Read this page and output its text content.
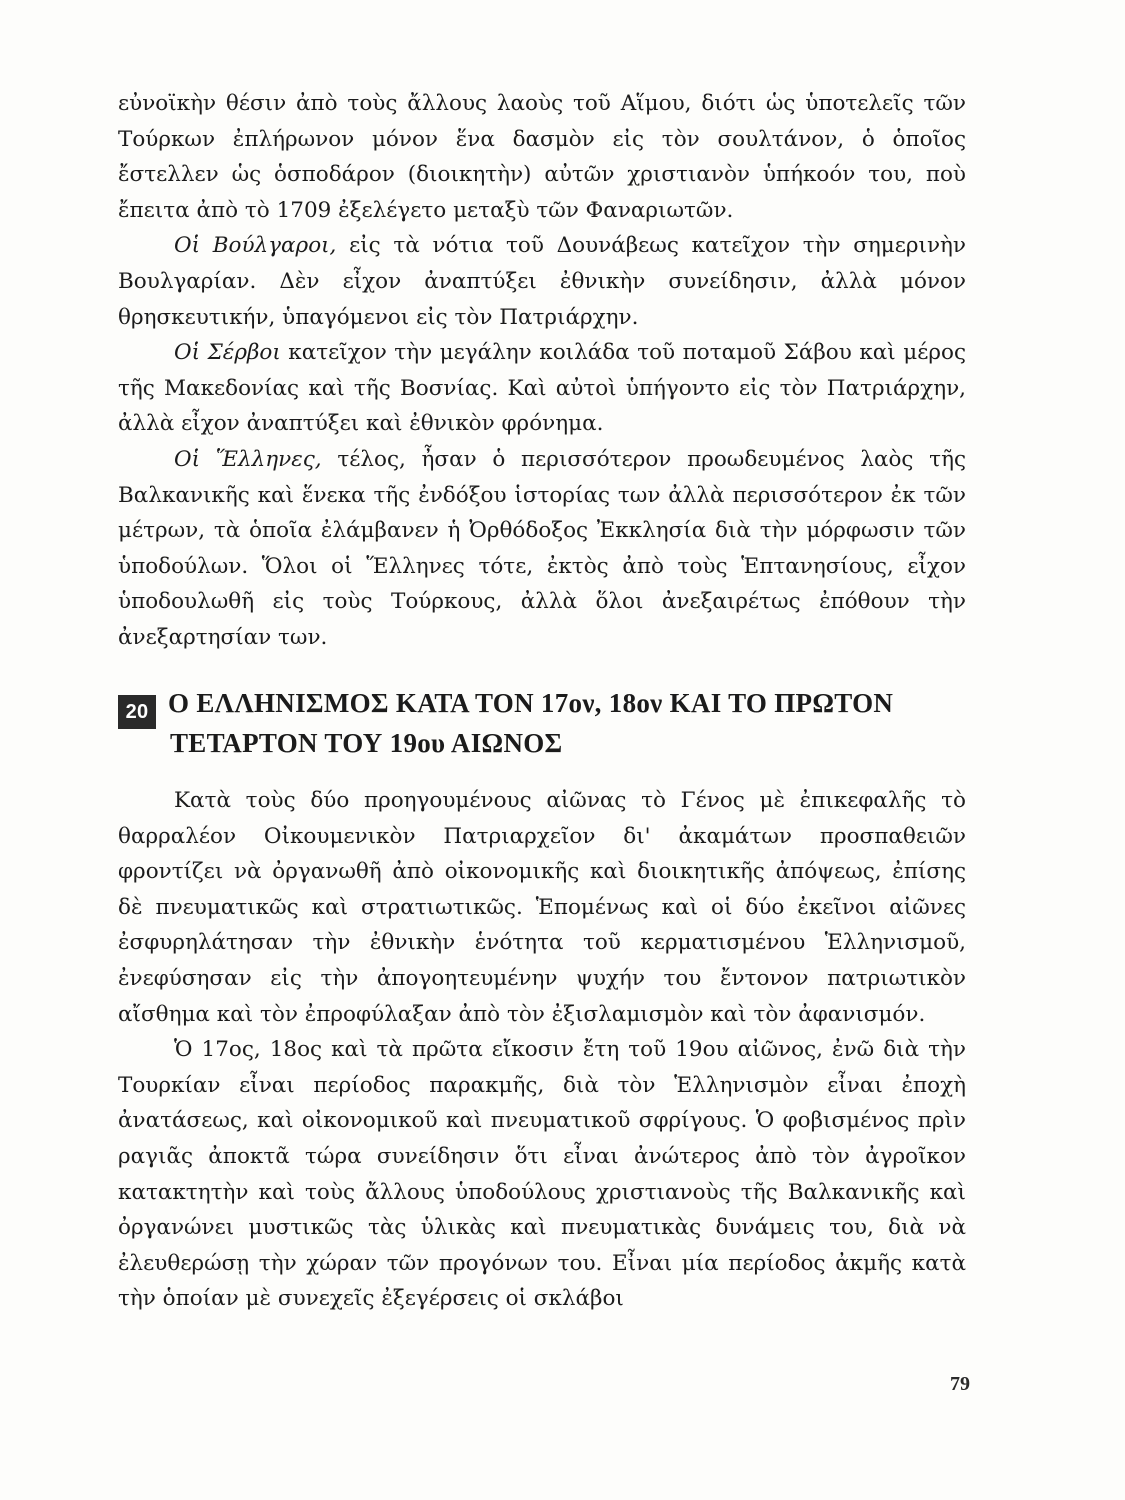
εὐνοϊκὴν θέσιν ἀπὸ τοὺς ἄλλους λαοὺς τοῦ Αἵμου, διότι ὡς ὑποτελεῖς τῶν Τούρκων ἐπλήρωνον μόνον ἕνα δασμὸν εἰς τὸν σουλτάνον, ὁ ὁποῖος ἔστελλεν ὡς ὁσποδάρον (διοικητὴν) αὐτῶν χριστιανὸν ὑπήκοόν του, ποὺ ἔπειτα ἀπὸ τὸ 1709 ἐξελέγετο μεταξὺ τῶν Φαναριωτῶν.

Οἱ Βούλγαροι, εἰς τὰ νότια τοῦ Δουνάβεως κατεῖχον τὴν σημερινὴν Βουλγαρίαν. Δὲν εἶχον ἀναπτύξει ἐθνικὴν συνείδησιν, ἀλλὰ μόνον θρησκευτικήν, ὑπαγόμενοι εἰς τὸν Πατριάρχην.

Οἱ Σέρβοι κατεῖχον τὴν μεγάλην κοιλάδα τοῦ ποταμοῦ Σάβου καὶ μέρος τῆς Μακεδονίας καὶ τῆς Βοσνίας. Καὶ αὐτοὶ ὑπήγοντο εἰς τὸν Πατριάρχην, ἀλλὰ εἶχον ἀναπτύξει καὶ ἐθνικὸν φρόνημα.

Οἱ Ἕλληνες, τέλος, ἦσαν ὁ περισσότερον προωδευμένος λαὸς τῆς Βαλκανικῆς καὶ ἕνεκα τῆς ἐνδόξου ἱστορίας των ἀλλὰ περισσότερον ἐκ τῶν μέτρων, τὰ ὁποῖα ἐλάμβανεν ἡ Ὀρθόδοξος Ἐκκλησία διὰ τὴν μόρφωσιν τῶν ὑποδούλων. Ὅλοι οἱ Ἕλληνες τότε, ἐκτὸς ἀπὸ τοὺς Ἑπτανησίους, εἶχον ὑποδουλωθῆ εἰς τοὺς Τούρκους, ἀλλὰ ὅλοι ἀνεξαιρέτως ἐπόθουν τὴν ἀνεξαρτησίαν των.

20 Ο ΕΛΛΗΝΙΣΜΟΣ ΚΑΤΑ ΤΟΝ 17ον, 18ον ΚΑΙ ΤΟ ΠΡΩΤΟΝ
ΤΕΤΑΡΤΟΝ ΤΟΥ 19ου ΑΙΩΝΟΣ

Κατὰ τοὺς δύο προηγουμένους αἰῶνας τὸ Γένος μὲ ἐπικεφαλῆς τὸ θαρραλέον Οἰκουμενικὸν Πατριαρχεῖον δι' ἀκαμάτων προσπαθειῶν φροντίζει νὰ ὀργανωθῆ ἀπὸ οἰκονομικῆς καὶ διοικητικῆς ἀπόψεως, ἐπίσης δὲ πνευματικῶς καὶ στρατιωτικῶς. Ἑπομένως καὶ οἱ δύο ἐκεῖνοι αἰῶνες ἐσφυρηλάτησαν τὴν ἐθνικὴν ἑνότητα τοῦ κερματισμένου Ἑλληνισμοῦ, ἐνεφύσησαν εἰς τὴν ἀπογοητευμένην ψυχήν του ἔντονον πατριωτικὸν αἴσθημα καὶ τὸν ἐπροφύλαξαν ἀπὸ τὸν ἐξισλαμισμὸν καὶ τὸν ἀφανισμόν.

Ὁ 17ος, 18ος καὶ τὰ πρῶτα εἴκοσιν ἔτη τοῦ 19ου αἰῶνος, ἐνῶ διὰ τὴν Τουρκίαν εἶναι περίοδος παρακμῆς, διὰ τὸν Ἑλληνισμὸν εἶναι ἐποχὴ ἀνατάσεως, καὶ οἰκονομικοῦ καὶ πνευματικοῦ σφρίγους. Ὁ φοβισμένος πρὶν ραγιᾶς ἀποκτᾶ τώρα συνείδησιν ὅτι εἶναι ἀνώτερος ἀπὸ τὸν ἀγροῖκον κατακτητὴν καὶ τοὺς ἄλλους ὑποδούλους χριστιανοὺς τῆς Βαλκανικῆς καὶ ὀργανώνει μυστικῶς τὰς ὑλικὰς καὶ πνευματικὰς δυνάμεις του, διὰ νὰ ἐλευθερώσῃ τὴν χώραν τῶν προγόνων του. Εἶναι μία περίοδος ἀκμῆς κατὰ τὴν ὁποίαν μὲ συνεχεῖς ἐξεγέρσεις οἱ σκλάβοι

79
